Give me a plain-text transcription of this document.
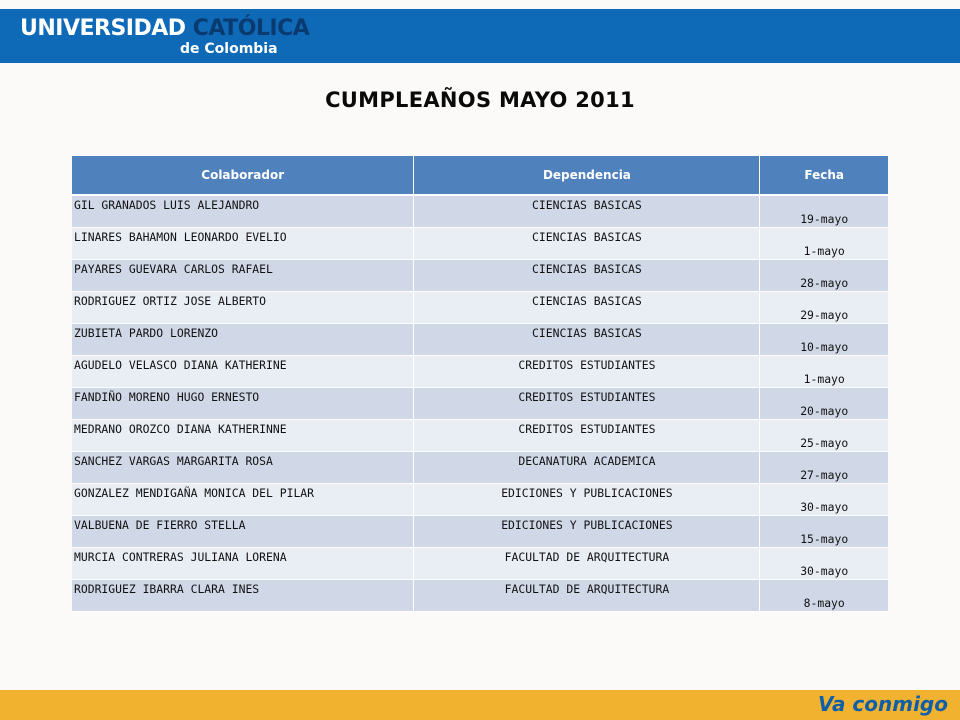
UNIVERSIDAD CATÓLICA
de Colombia
CUMPLEAÑOS MAYO 2011
Colaborador	Dependencia	Fecha
GIL GRANADOS LUIS ALEJANDRO	CIENCIAS BASICAS	19-mayo
LINARES BAHAMON LEONARDO EVELIO	CIENCIAS BASICAS	1-mayo
PAYARES GUEVARA CARLOS RAFAEL	CIENCIAS BASICAS	28-mayo
RODRIGUEZ ORTIZ JOSE ALBERTO	CIENCIAS BASICAS	29-mayo
ZUBIETA PARDO LORENZO	CIENCIAS BASICAS	10-mayo
AGUDELO VELASCO DIANA KATHERINE	CREDITOS ESTUDIANTES	1-mayo
FANDIÑO MORENO HUGO ERNESTO	CREDITOS ESTUDIANTES	20-mayo
MEDRANO OROZCO DIANA KATHERINNE	CREDITOS ESTUDIANTES	25-mayo
SANCHEZ VARGAS MARGARITA ROSA	DECANATURA ACADEMICA	27-mayo
GONZALEZ MENDIGAÑA MONICA DEL PILAR	EDICIONES Y PUBLICACIONES	30-mayo
VALBUENA DE FIERRO STELLA	EDICIONES Y PUBLICACIONES	15-mayo
MURCIA CONTRERAS JULIANA LORENA	FACULTAD DE ARQUITECTURA	30-mayo
RODRIGUEZ IBARRA CLARA INES	FACULTAD DE ARQUITECTURA	8-mayo
Va conmigo
